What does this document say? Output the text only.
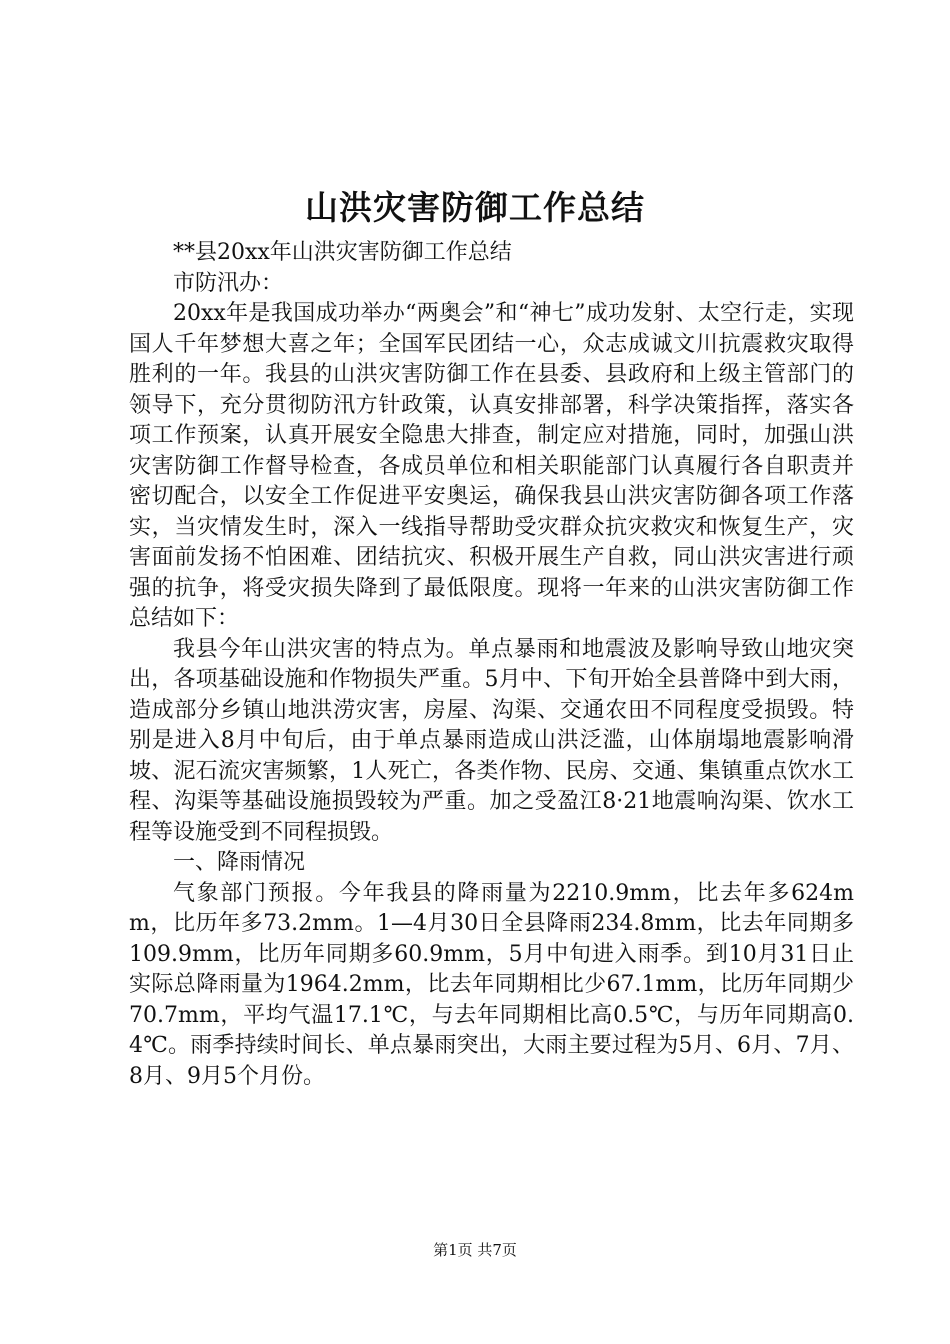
山洪灾害防御工作总结

**县20xx年山洪灾害防御工作总结

市防汛办：

20xx年是我国成功举办“两奥会”和“神七”成功发射、太空行走，实现国人千年梦想大喜之年；全国军民团结一心，众志成诚文川抗震救灾取得胜利的一年。我县的山洪灾害防御工作在县委、县政府和上级主管部门的领导下，充分贯彻防汛方针政策，认真安排部署，科学决策指挥，落实各项工作预案，认真开展安全隐患大排查，制定应对措施，同时，加强山洪灾害防御工作督导检查，各成员单位和相关职能部门认真履行各自职责并密切配合，以安全工作促进平安奥运，确保我县山洪灾害防御各项工作落实，当灾情发生时，深入一线指导帮助受灾群众抗灾救灾和恢复生产，灾害面前发扬不怕困难、团结抗灾、积极开展生产自救，同山洪灾害进行顽强的抗争，将受灾损失降到了最低限度。现将一年来的山洪灾害防御工作总结如下：

我县今年山洪灾害的特点为。单点暴雨和地震波及影响导致山地灾突出，各项基础设施和作物损失严重。5月中、下旬开始全县普降中到大雨，造成部分乡镇山地洪涝灾害，房屋、沟渠、交通农田不同程度受损毁。特别是进入8月中旬后，由于单点暴雨造成山洪泛滥，山体崩塌地震影响滑坡、泥石流灾害频繁，1人死亡，各类作物、民房、交通、集镇重点饮水工程、沟渠等基础设施损毁较为严重。加之受盈江8·21地震响沟渠、饮水工程等设施受到不同程损毁。

一、降雨情况

气象部门预报。今年我县的降雨量为2210.9mm，比去年多624mm，比历年多73.2mm。1—4月30日全县降雨234.8mm，比去年同期多109.9mm，比历年同期多60.9mm，5月中旬进入雨季。到10月31日止实际总降雨量为1964.2mm，比去年同期相比少67.1mm，比历年同期少70.7mm，平均气温17.1℃，与去年同期相比高0.5℃，与历年同期高0.4℃。雨季持续时间长、单点暴雨突出，大雨主要过程为5月、6月、7月、8月、9月5个月份。

第1页 共7页
